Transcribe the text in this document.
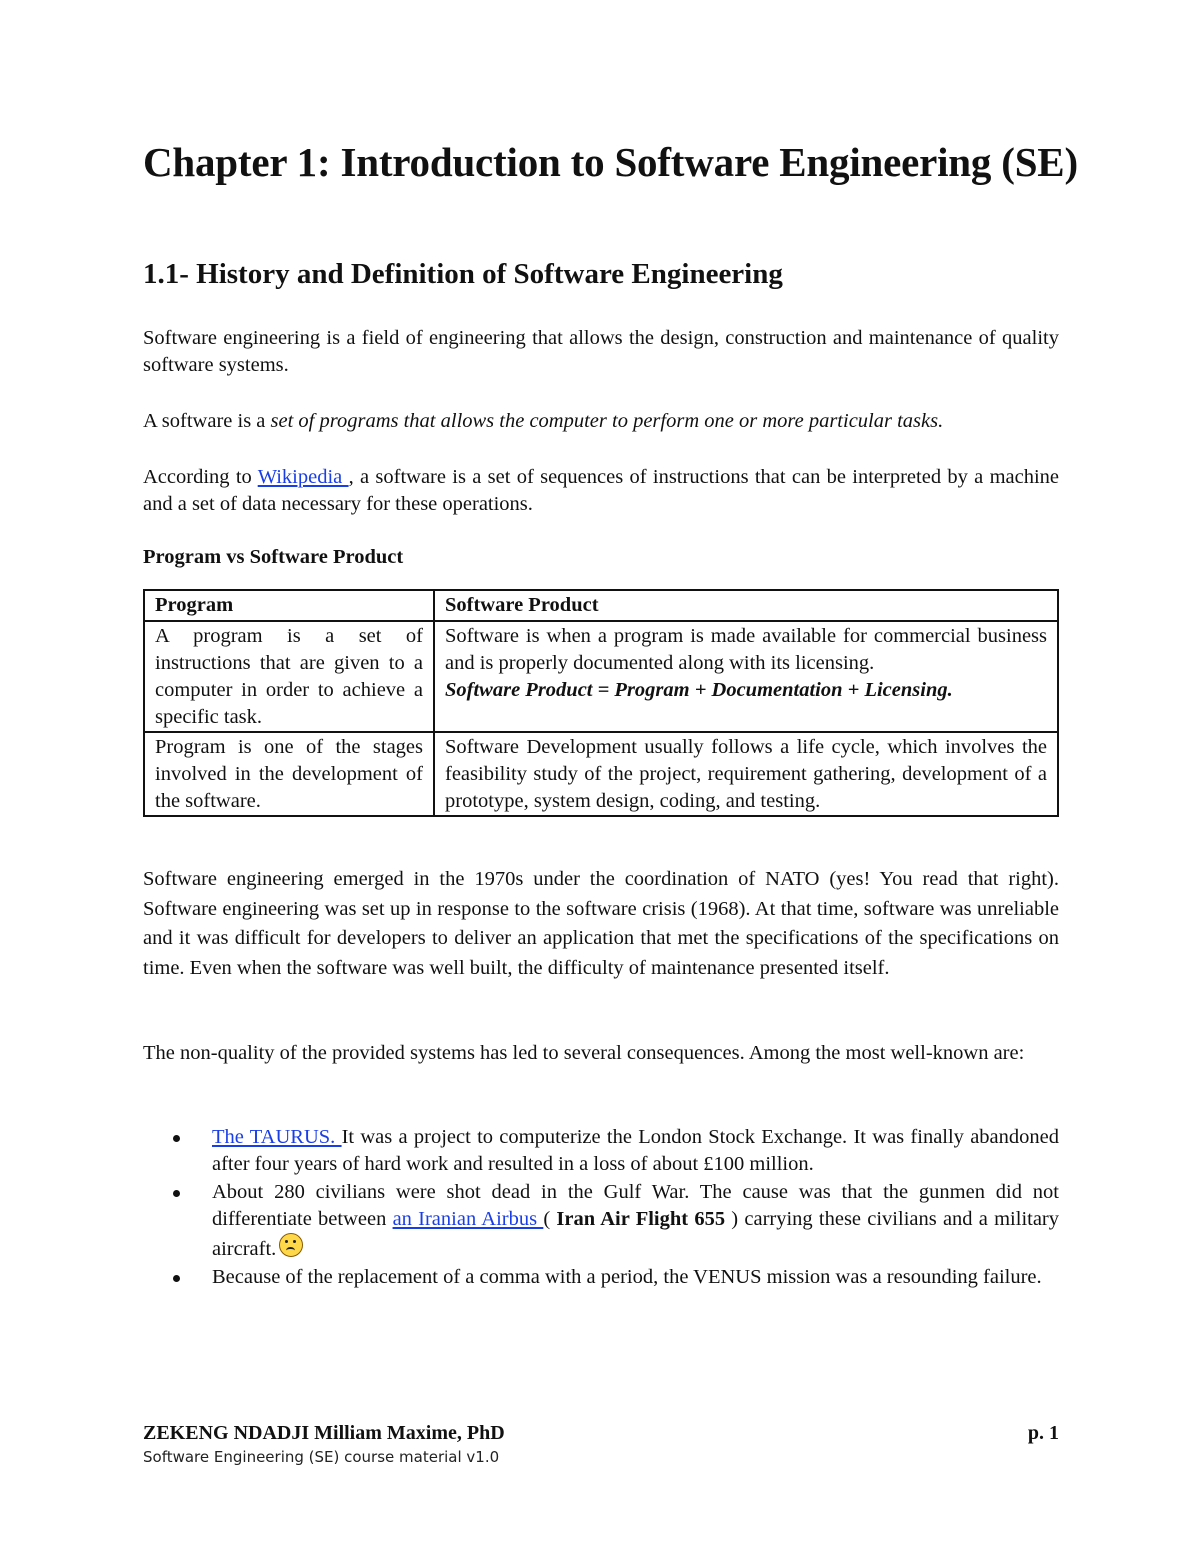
Chapter 1: Introduction to Software Engineering (SE)
1.1- History and Definition of Software Engineering

Software engineering is a field of engineering that allows the design, construction and maintenance of quality software systems.

A software is a set of programs that allows the computer to perform one or more particular tasks.

According to Wikipedia , a software is a set of sequences of instructions that can be interpreted by a machine and a set of data necessary for these operations.

Program vs Software Product

Program	Software Product
A program is a set of instructions that are given to a computer in order to achieve a specific task.	Software is when a program is made available for commercial business and is properly documented along with its licensing.
Software Product = Program + Documentation + Licensing.
Program is one of the stages involved in the development of the software.	Software Development usually follows a life cycle, which involves the feasibility study of the project, requirement gathering, development of a prototype, system design, coding, and testing.

Software engineering emerged in the 1970s under the coordination of NATO (yes! You read that right). Software engineering was set up in response to the software crisis (1968). At that time, software was unreliable and it was difficult for developers to deliver an application that met the specifications of the specifications on time. Even when the software was well built, the difficulty of maintenance presented itself.

The non-quality of the provided systems has led to several consequences. Among the most well-known are:

The TAURUS. It was a project to computerize the London Stock Exchange. It was finally abandoned after four years of hard work and resulted in a loss of about £100 million.
About 280 civilians were shot dead in the Gulf War. The cause was that the gunmen did not differentiate between an Iranian Airbus ( Iran Air Flight 655 ) carrying these civilians and a military aircraft.
Because of the replacement of a comma with a period, the VENUS mission was a resounding failure.
ZEKENG NDADJI Milliam Maxime, PhD	p. 1
Software Engineering (SE) course material v1.0
